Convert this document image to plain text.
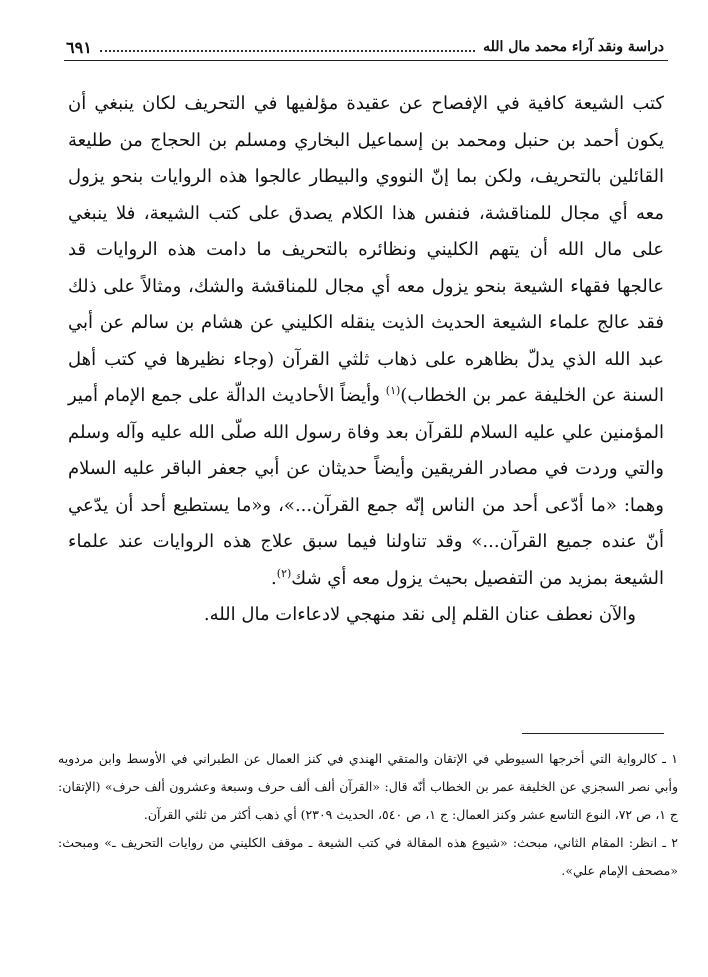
دراسة ونقد آراء محمد مال الله
٦٩١

كتب الشيعة كافية في الإفصاح عن عقيدة مؤلفيها في التحريف لكان ينبغي أن يكون أحمد بن حنبل ومحمد بن إسماعيل البخاري ومسلم بن الحجاج من طليعة القائلين بالتحريف، ولكن بما إنّ النووي والبيطار عالجوا هذه الروايات بنحو يزول معه أي مجال للمناقشة، فنفس هذا الكلام يصدق على كتب الشيعة، فلا ينبغي على مال الله أن يتهم الكليني ونظائره بالتحريف ما دامت هذه الروايات قد عالجها فقهاء الشيعة بنحو يزول معه أي مجال للمناقشة والشك، ومثالاً على ذلك فقد عالج علماء الشيعة الحديث الذيت ينقله الكليني عن هشام بن سالم عن أبي عبد الله الذي يدلّ بظاهره على ذهاب ثلثي القرآن (وجاء نظيرها في كتب أهل السنة عن الخليفة عمر بن الخطاب)$^{(١)}$ وأيضاً الأحاديث الدالّة على جمع الإمام أمير المؤمنين علي عليه السلام للقرآن بعد وفاة رسول الله صلّى الله عليه وآله وسلم والتي وردت في مصادر الفريقين وأيضاً حديثان عن أبي جعفر الباقر عليه السلام وهما: «ما أدّعى أحد من الناس إنّه جمع القرآن...»، و«ما يستطيع أحد أن يدّعي أنّ عنده جميع القرآن...» وقد تناولنا فيما سبق علاج هذه الروايات عند علماء الشيعة بمزيد من التفصيل بحيث يزول معه أي شك$^{(٢)}$.

والآن نعطف عنان القلم إلى نقد منهجي لادعاءات مال الله.

١ ـ كالرواية التي أخرجها السيوطي في الإتقان والمتقي الهندي في كنز العمال عن الطبراني في الأوسط وابن مردويه وأبي نصر السجزي عن الخليفة عمر بن الخطاب أنّه قال: «القرآن ألف ألف حرف وسبعة وعشرون ألف حرف» (الإتقان: ج ١، ص ٧٢، النوع التاسع عشر وكنز العمال: ج ١، ص ٥٤٠، الحديث ٢٣٠٩) أي ذهب أكثر من ثلثي القرآن.

٢ ـ انظر: المقام الثاني، مبحث: «شيوع هذه المقالة في كتب الشيعة ـ موقف الكليني من روايات التحريف ـ» ومبحث: «مصحف الإمام علي».
